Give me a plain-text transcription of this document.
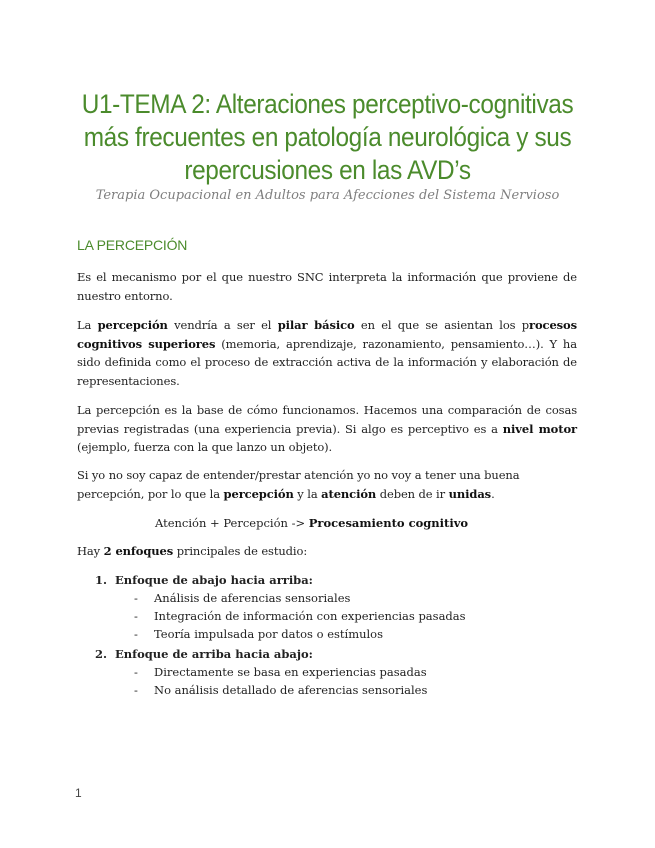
U1-TEMA 2: Alteraciones perceptivo-cognitivas más frecuentes en patología neurológica y sus repercusiones en las AVD’s
Terapia Ocupacional en Adultos para Afecciones del Sistema Nervioso
LA PERCEPCIÓN
Es el mecanismo por el que nuestro SNC interpreta la información que proviene de nuestro entorno.
La percepción vendría a ser el pilar básico en el que se asientan los procesos cognitivos superiores (memoria, aprendizaje, razonamiento, pensamiento…). Y ha sido definida como el proceso de extracción activa de la información y elaboración de representaciones.
La percepción es la base de cómo funcionamos. Hacemos una comparación de cosas previas registradas (una experiencia previa). Si algo es perceptivo es a nivel motor (ejemplo, fuerza con la que lanzo un objeto).
Si yo no soy capaz de entender/prestar atención yo no voy a tener una buena percepción, por lo que la percepción y la atención deben de ir unidas.
Atención + Percepción -> Procesamiento cognitivo
Hay 2 enfoques principales de estudio:
1. Enfoque de abajo hacia arriba:
- Análisis de aferencias sensoriales
- Integración de información con experiencias pasadas
- Teoría impulsada por datos o estímulos
2. Enfoque de arriba hacia abajo:
- Directamente se basa en experiencias pasadas
- No análisis detallado de aferencias sensoriales
1
